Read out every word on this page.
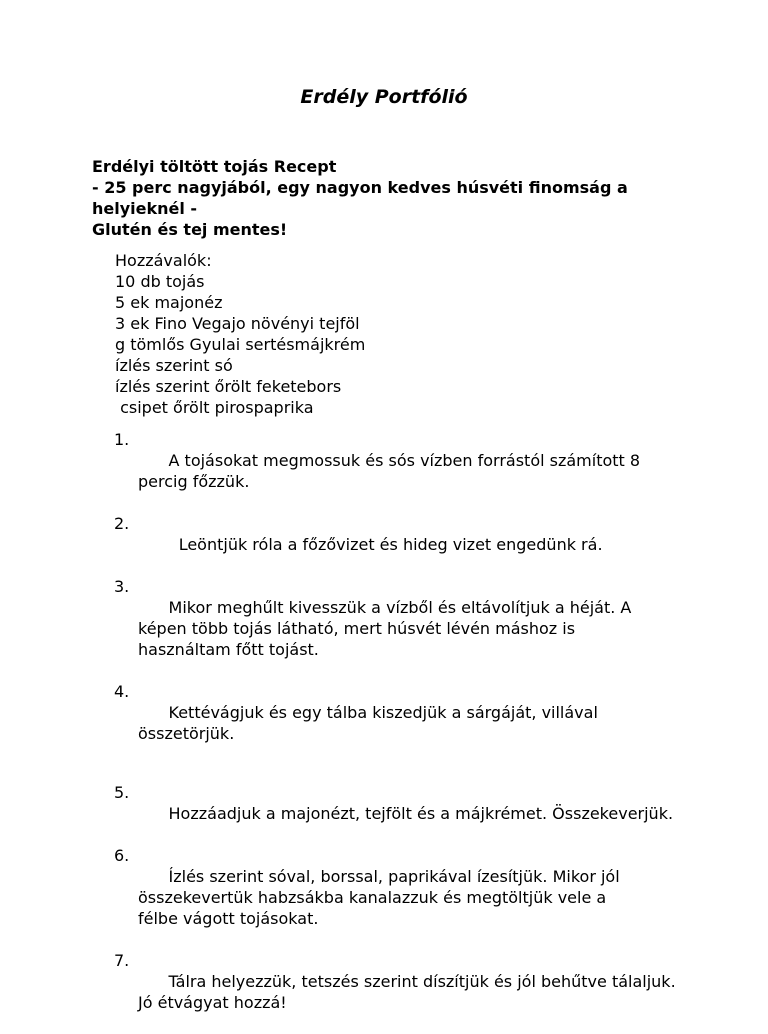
Erdély Portfólió
Erdélyi töltött tojás Recept
- 25 perc nagyjából, egy nagyon kedves húsvéti finomság a
helyieknél -
Glutén és tej mentes!

Hozzávalók:

10 db tojás
5 ek majonéz
3 ek Fino Vegajo növényi tejföl
g tömlős Gyulai sertésmájkrém
ízlés szerint só
ízlés szerint őrölt feketebors
csipet őrölt pirospaprika

1.
A tojásokat megmossuk és sós vízben forrástól számított 8
percig főzzük.

2.
Leöntjük róla a főzővizet és hideg vizet engedünk rá.

3.
Mikor meghűlt kivesszük a vízből és eltávolítjuk a héját. A
képen több tojás látható, mert húsvét lévén máshoz is
használtam főtt tojást.

4.
Kettévágjuk és egy tálba kiszedjük a sárgáját, villával
összetörjük.

5.
Hozzáadjuk a majonézt, tejfölt és a májkrémet. Összekeverjük.

6.
Ízlés szerint sóval, borssal, paprikával ízesítjük. Mikor jól
összekevertük habzsákba kanalazzuk és megtöltjük vele a
félbe vágott tojásokat.

7.
Tálra helyezzük, tetszés szerint díszítjük és jól behűtve tálaljuk.
Jó étvágyat hozzá!
